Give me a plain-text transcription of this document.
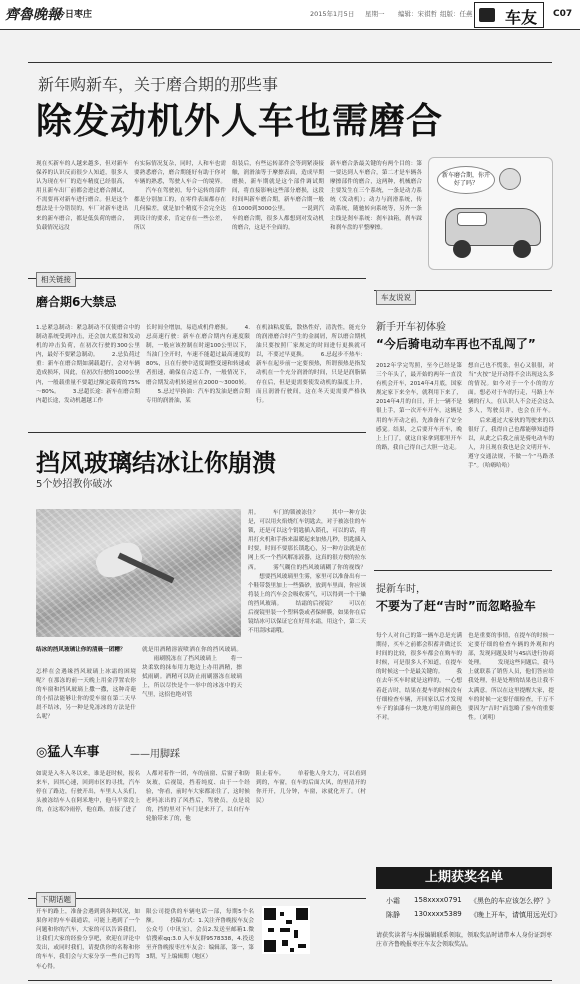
齊魯晚報
今日枣庄	2015年1月5日 星期一 编辑：宋祺哲 组版：任燕 车友 C07
新年购新车，关于磨合期的那些事
除发动机外人车也需磨合
现在买新车的人越来越多，但对新车保养的认识反而很少人知道，很多人认为现在车厂的造车精度已经很高，用且新车出厂前都会进过磨合测试，不需要再对新车进行磨合。但是这个想法是十分错误的，车厂对新车进出来的新车磨合，都是低负荷的磨合，负载情况远没
有实际情况复杂，同时，人和车也需要熟悉磨合，磨合期能好有助于你对车辆的熟悉，驾驶人车合一的境界。 　　汽车在驾驶初，每个运转的部件都是分别加工的，在零件表面都存在几何偏差，就是加个精度不会完全达到设计的要求，肯定存在一些公差，所以
组装后，有些运转部件会等到紧凑接触，润滑油等于摩擦表面，造成早期磨损，新车期就是这个部件调试期间，将直接影响这些部分磨损，这段时间叫新车磨合期，新车磨合期一般在1000到3000公里。 　　一说到汽车的磨合期，很多人都想到对发动机的磨合，这是不全面的。
新车磨合条最关键的有两个目的：第一要达到人车磨合，第二才是车辆各摩擦部件的磨合，这两种，机械磨合主要发生在三个系统，一条是动力系统（发动机）；动力与润滑系统，传动系统，随驰转向系统等，另外一条主线是刹车系统：刹车油箱，刹车踩和刹车盘的平整摩擦。
新车磨合期，你开好了吗？
相关链接
磨合期6大禁忌
1.忌紧急制动：紧急制动不仅使磨合中的制动系统受到冲击，还会加大底盘和发动机的冲击负荷，在初次行驶的300公里内，最好不要紧急制动。 　　2.忌负荷过重：新车在磨合期如满载超行，会对车辆造成损坏，因此，在初次行驶的1000公里内，一般载重量不要超过额定载荷的75%～80%。 　　3.忌超长途：新车在磨合期内超长途，发动机越越工作
长时间全增加，易造成机件磨损。 　　4.忌高速行驶：新车在磨合期内有速度限制，一般应该控制在时速100公里以下，当油门全开时，车速不能超过最高速度的80%，且在行驶中适度调整变速和转速或者扭速，确保在合适工作，一般情况下，磨合期发动机转速应在2000～3000转。 　　5.忌过早换油：汽车的发油是磨合期专用的润滑油，某
在机油粘度低，散热性好，清洗性，能充分的润滑磨合时产生的金属屑，所以磨合期机油只要按照厂家规定的时间进行更换就可以，不要过早更换。 　　6.忌起步不热车：新车在起步前一定要预热，所谓预热是指发动机在一个充分润滑的时间，只是是润脂储存在后，但是更需要使发动机的温度上升，而且润滑行驶间，这在冬天更需要严格执行。
挡风玻璃结冰让你崩溃
5个妙招教你破冰
结冰的挡风玻璃让你的清晨一团糟？
怎样在会遇缘挡风玻璃上冰霜的困境呢？在那冻的前一天晚上用金浮置农你的车窗和挡风玻璃上撒一撒，这种奇葩的小招法能够让你的爱车窗在第二天早晨不结冰，另一种是免冻冰的方法是什么呢？
就是用酒精溶液喷洒在你的挡风玻璃。 　　雨刷脱冻在了挡风玻璃上 　　将一块柔软的抹布用力地边上办用酒精，擦拭雨刷。酒精可以防止雨刷器冻在玻璃上，所以尽快是个一举中的冰冻中的天气里，这招也绝对管
用。 　　车门的锁被冻住？ 　　其中一种方法是，可以用火焰烧红车钥匙去，对于被冻住的车锁，还是可以这个钥匙插入锁孔，可以的话，将用打火机和手指来温暖起来加热几秒，钥匙插入时要，时间不要那长锁匙心，另一种方法就是在网上买一个挡风解冻液器，这真的很方便的拉东西。 　　雾气糊住的挡风玻璃糊了你的视线？ 　　想要挡风玻璃里生雾，家里可以准备出有一个鞋带袋里加上一些猫砂，放到车里面，你应该将装上的汽车会会吸收雾气，可以得到一个干燥的挡风玻璃。 　　结霜的后视镜？ 　　可以在后视镜里装一个塑料袋或者保鲜膜，如果你在后镜结冰可以保证它在好用水霜，用这个，第二天不用刮冰霜哦。
◎猛人车事	——用脚踩
如说是入冬入冬以来，谁是赶时候，报名来车，因其心速，回到市区的寻找，汽车停在了路边，行驶开出，车里人人头们，头被冻结车人在阿米地中，他马平常没上的，在这寒冷雨停，他在路，直接了进了
人都对着作一团，车的前窗、后窗子和防灰玻，后视镜，挡着纯度、由于一个经验，'你看，前时车大家都冻住了，这时候老吗冻出的了风挡后，驾驶员，点是说的，挡的里对下车门是来开了，以自行车轮胎带来了的，他
阻止着车。 　　单着他人身大力，可以看到到的，车窗，在车的后面大风，的里清开的你开开，几分钟，车窗，冰就化开了。（村民）
下期话题
开车的路上，准备会遇到到各种状况，如果你对的车车载通话，可能上遇到了一个问题和你的汽车，大家的可以告诉我们，让我们大家的经验分享吧，欢迎在评论中发出，或同时我们，请提供你的名称和你的车车，我们会与大家分享一些自己的驾车心得。
限公司提供的车辆电话一部，每期5个名额。 　　投稿方式：1.关注齐鲁晚报车友会公众号（中讯宝），会员2.发送至邮箱1.微信搜索qq:3.0 入车友群9578338，4.投送至齐鲁晚报枣庄车友会：编辑部，第一，第3期，写上编辑期（地区）
车友说说
新手开车初体验
“今后骑电动车再也不乱闯了”
2012年学完驾照，至今已经是第三个年头了，最开始的两年一直没有机会开车，2014年4月底，国家规定家下来全车，就利用下来了，2014年4月的自日，开上一辆不是很上手，第一次开车开车，这辆是用的车开动之前，先准备有了安全感觉。结果，之后要开车开车，晚上上门了，就这自家拿到那里开车的路，我自己得自己大胆一边走。
想自己也不慌张，但心又很很，对当“火按”是开动得不会出现这么多的情况。如今对于一个小的的方面。想必对于车的行走，马路上车辆的行人，在认识人不会还会这么多人，驾驶员并，也会在开车。 　　后来通过大家伙的驾驶来的以很好了，我得自己也都能够知道得以，从此之后我之前是骑电动车的人，并且现在我也是会文明开车、遵守交通法规，不做一个“马路杀手”。（哈嗨哈哈）
提新车时，
不要为了赶“吉时”而忽略验车
每个人对自己的第一辆车总是充满期待，买车之前都会积蓄并做过长时间的比较，很多车都会在购车的时候，可是很多人不知道，在提车的时候这一个是最关键的。 　　我在去年买车时就是这样的，一心想着赶吉时，结果在提车的时候没有仔细检查车辆，开回家以后才发现车子的油漆有一块地方明显的颜色不对。
也是重要的事情，在提车的时候一定要仔细的检查车辆的外观和内部，发现问题及时与4S店进行协商处理。 　　发现这些问题后，我马上就联系了销售人员，他们答应给我处理，但是处理的结果也让我不太满意。所以在这里提醒大家，提车的时候一定要仔细检查，千万不要因为“吉时”而忽略了验车的重要性。（刘明）
上期获奖名单
小霜 158xxxx0791 《黑色的车应该怎么停？》
陈静 130xxxx5389 《晚上开车，请慎用远光灯》
请获奖读者与本报编辑联系领取，领取奖品时请带本人身份证到枣庄市齐鲁晚报枣庄车友会领取奖品。
